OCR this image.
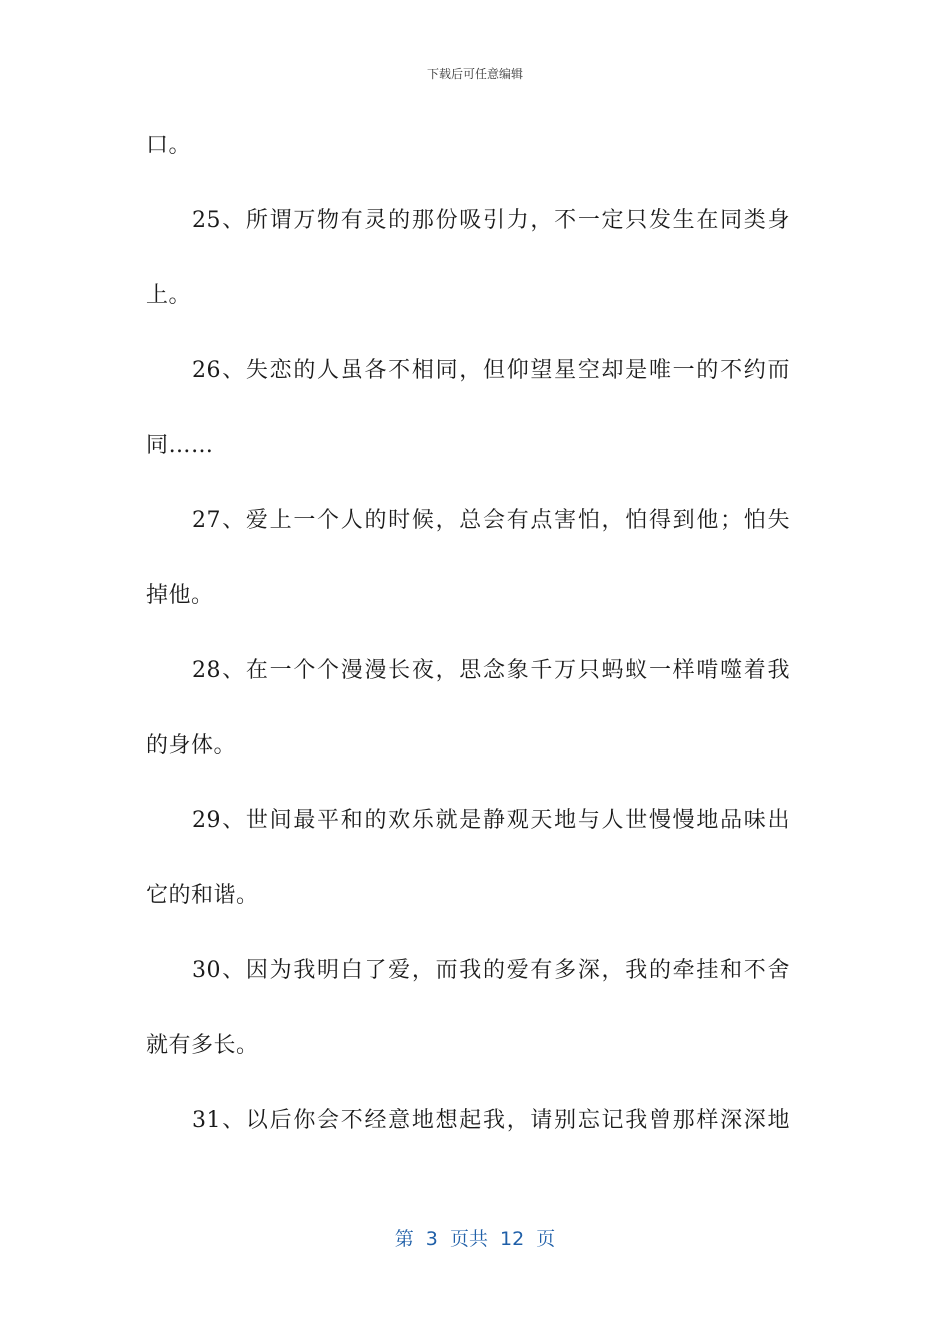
下载后可任意编辑
口。
25、所谓万物有灵的那份吸引力，不一定只发生在同类身
上。
26、失恋的人虽各不相同，但仰望星空却是唯一的不约而
同……
27、爱上一个人的时候，总会有点害怕，怕得到他；怕失
掉他。
28、在一个个漫漫长夜，思念象千万只蚂蚁一样啃噬着我
的身体。
29、世间最平和的欢乐就是静观天地与人世慢慢地品味出
它的和谐。
30、因为我明白了爱，而我的爱有多深，我的牵挂和不舍
就有多长。
31、以后你会不经意地想起我，请别忘记我曾那样深深地
第  3  页共  12  页
